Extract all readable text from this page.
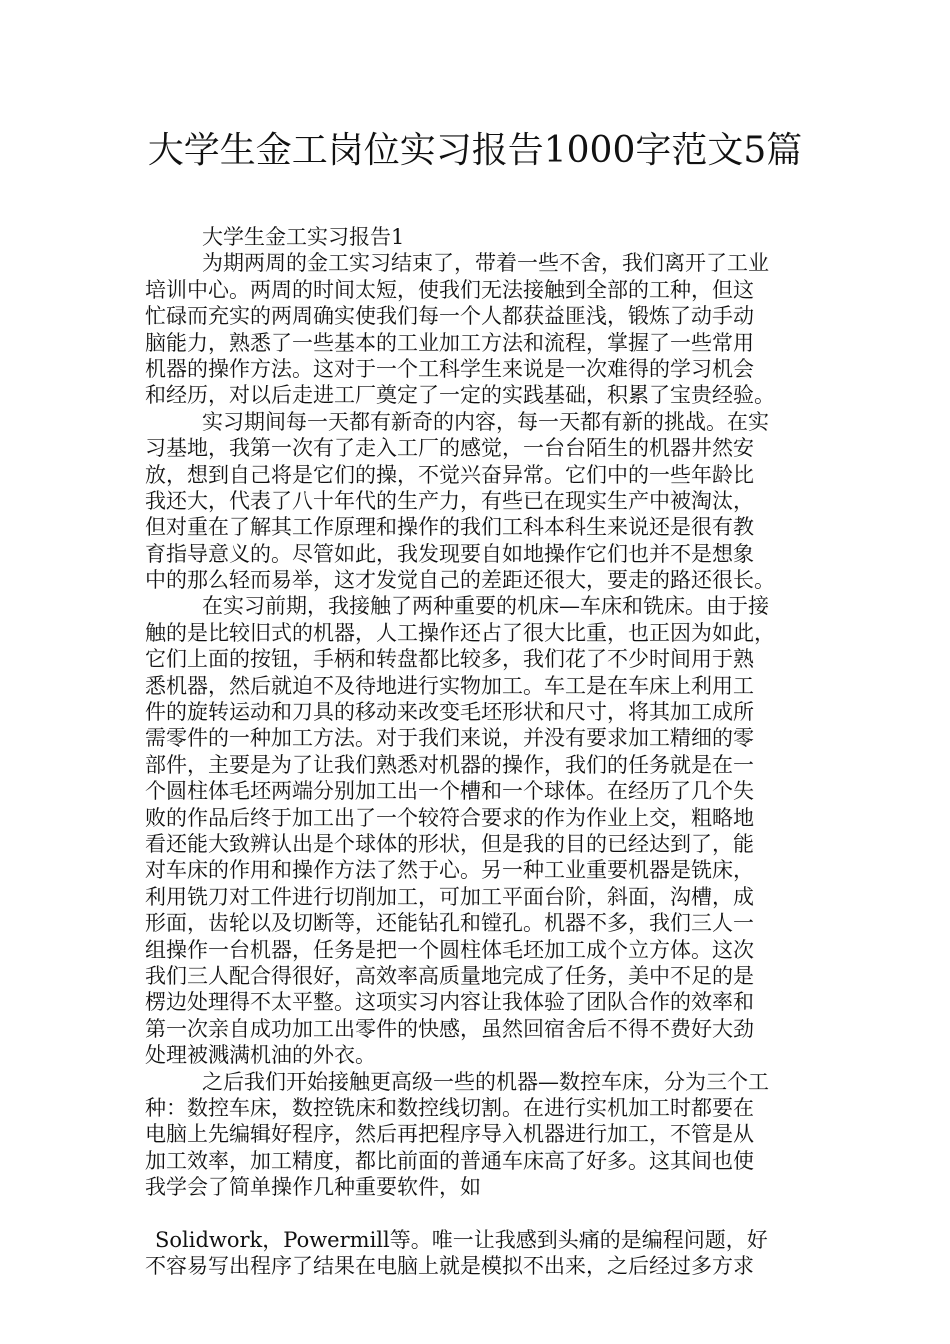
大学生金工岗位实习报告1000字范文5篇
大学生金工实习报告1
为期两周的金工实习结束了，带着一些不舍，我们离开了工业
培训中心。两周的时间太短，使我们无法接触到全部的工种，但这
忙碌而充实的两周确实使我们每一个人都获益匪浅，锻炼了动手动
脑能力，熟悉了一些基本的工业加工方法和流程，掌握了一些常用
机器的操作方法。这对于一个工科学生来说是一次难得的学习机会
和经历，对以后走进工厂奠定了一定的实践基础，积累了宝贵经验。
实习期间每一天都有新奇的内容，每一天都有新的挑战。在实
习基地，我第一次有了走入工厂的感觉，一台台陌生的机器井然安
放，想到自己将是它们的操，不觉兴奋异常。它们中的一些年龄比
我还大，代表了八十年代的生产力，有些已在现实生产中被淘汰，
但对重在了解其工作原理和操作的我们工科本科生来说还是很有教
育指导意义的。尽管如此，我发现要自如地操作它们也并不是想象
中的那么轻而易举，这才发觉自己的差距还很大，要走的路还很长。
在实习前期，我接触了两种重要的机床—车床和铣床。由于接
触的是比较旧式的机器，人工操作还占了很大比重，也正因为如此，
它们上面的按钮，手柄和转盘都比较多，我们花了不少时间用于熟
悉机器，然后就迫不及待地进行实物加工。车工是在车床上利用工
件的旋转运动和刀具的移动来改变毛坯形状和尺寸，将其加工成所
需零件的一种加工方法。对于我们来说，并没有要求加工精细的零
部件，主要是为了让我们熟悉对机器的操作，我们的任务就是在一
个圆柱体毛坯两端分别加工出一个槽和一个球体。在经历了几个失
败的作品后终于加工出了一个较符合要求的作为作业上交，粗略地
看还能大致辨认出是个球体的形状，但是我的目的已经达到了，能
对车床的作用和操作方法了然于心。另一种工业重要机器是铣床，
利用铣刀对工件进行切削加工，可加工平面台阶，斜面，沟槽，成
形面，齿轮以及切断等，还能钻孔和镗孔。机器不多，我们三人一
组操作一台机器，任务是把一个圆柱体毛坯加工成个立方体。这次
我们三人配合得很好，高效率高质量地完成了任务，美中不足的是
楞边处理得不太平整。这项实习内容让我体验了团队合作的效率和
第一次亲自成功加工出零件的快感，虽然回宿舍后不得不费好大劲
处理被溅满机油的外衣。
之后我们开始接触更高级一些的机器—数控车床，分为三个工
种：数控车床，数控铣床和数控线切割。在进行实机加工时都要在
电脑上先编辑好程序，然后再把程序导入机器进行加工，不管是从
加工效率，加工精度，都比前面的普通车床高了好多。这其间也使
我学会了简单操作几种重要软件，如
Solidwork，Powermill等。唯一让我感到头痛的是编程问题，好
不容易写出程序了结果在电脑上就是模拟不出来，之后经过多方求
